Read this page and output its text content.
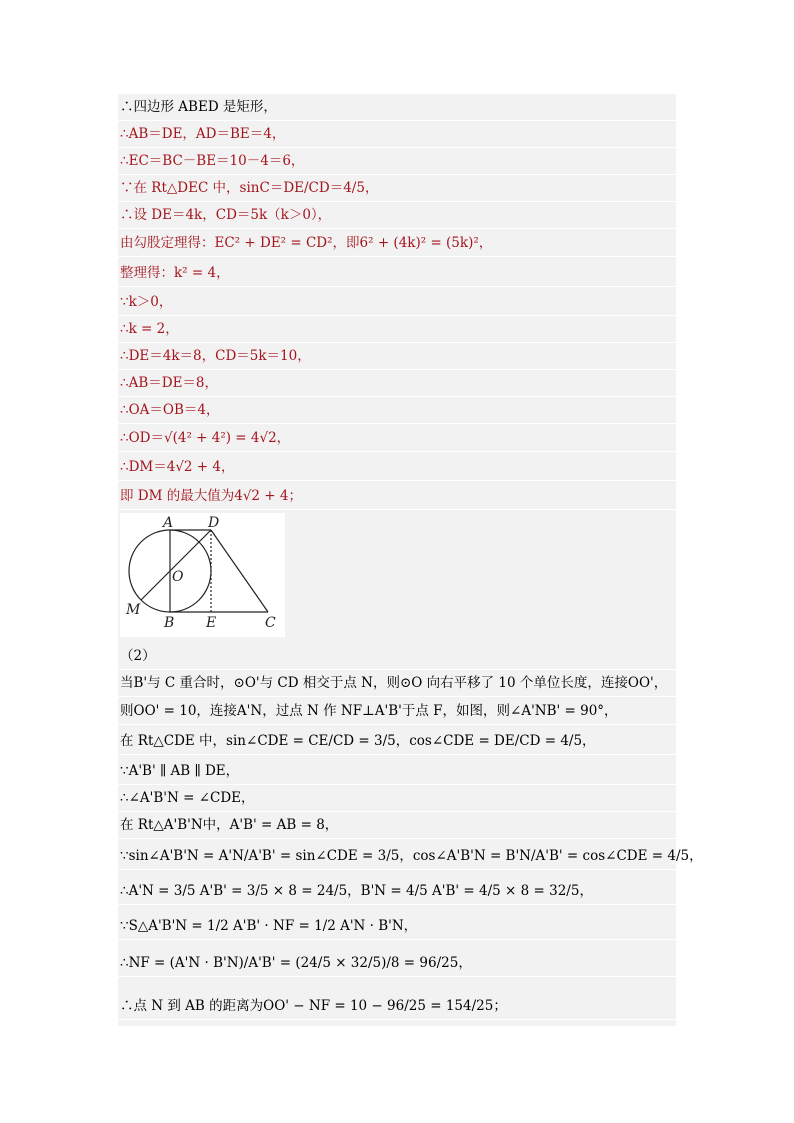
∴四边形 ABED 是矩形，
∴AB＝DE，AD＝BE＝4，
∴EC＝BC－BE＝10－4＝6，
∵在 Rt△DEC 中，sinC＝DE/CD＝4/5，
∴设 DE＝4k，CD＝5k（k＞0），
由勾股定理得：EC² + DE² = CD²，即6² + (4k)² = (5k)²，
整理得：k² = 4，
∵k＞0，
∴k = 2，
∴DE＝4k＝8，CD＝5k＝10，
∴AB＝DE＝8，
∴OA＝OB＝4，
∴OD＝√(4² + 4²) = 4√2，
∴DM＝4√2 + 4，
即 DM 的最大值为4√2 + 4；
A D
O
M
B E	C
（2）
当B'与 C 重合时，⊙O'与 CD 相交于点 N，则⊙O 向右平移了 10 个单位长度，连接OO'，
则OO' = 10，连接A'N，过点 N 作 NF⊥A'B'于点 F，如图，则∠A'NB' = 90°，
在 Rt△CDE 中，sin∠CDE = CE/CD = 3/5，cos∠CDE = DE/CD = 4/5，
∵A'B' ∥ AB ∥ DE，
∴∠A'B'N = ∠CDE，
在 Rt△A'B'N中，A'B' = AB = 8，
∵sin∠A'B'N = A'N/A'B' = sin∠CDE = 3/5，cos∠A'B'N = B'N/A'B' = cos∠CDE = 4/5，
∴A'N = 3/5 A'B' = 3/5 × 8 = 24/5，B'N = 4/5 A'B' = 4/5 × 8 = 32/5，
∵S△A'B'N = 1/2 A'B' · NF = 1/2 A'N · B'N，
∴NF = (A'N · B'N)/A'B' = (24/5 × 32/5)/8 = 96/25，
∴点 N 到 AB 的距离为OO' − NF = 10 − 96/25 = 154/25；
